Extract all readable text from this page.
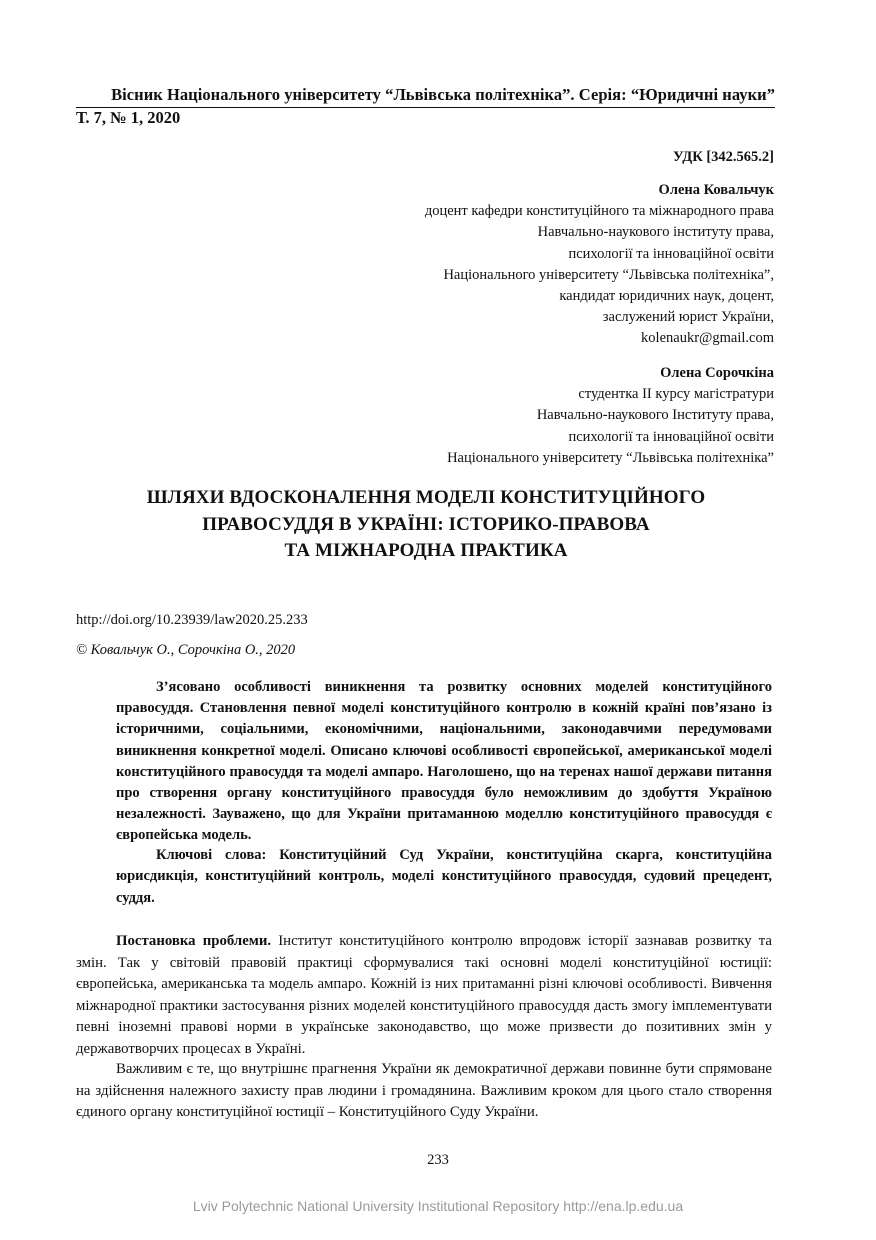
Вісник Національного університету “Львівська політехніка”. Серія: “Юридичні науки”
Т. 7, № 1, 2020
УДК [342.565.2]
Олена Ковальчук
доцент кафедри конституційного та міжнародного права
Навчально-наукового інституту права,
психології та інноваційної освіти
Національного університету “Львівська політехніка”,
кандидат юридичних наук, доцент,
заслужений юрист України,
kolenaukr@gmail.com
Олена Сорочкіна
студентка ІІ курсу магістратури
Навчально-наукового Інституту права,
психології та інноваційної освіти
Національного університету “Львівська політехніка”
ШЛЯХИ ВДОСКОНАЛЕННЯ МОДЕЛІ КОНСТИТУЦІЙНОГО
ПРАВОСУДДЯ В УКРАЇНІ: ІСТОРИКО-ПРАВОВА
ТА МІЖНАРОДНА ПРАКТИКА
http://doi.org/10.23939/law2020.25.233
© Ковальчук О., Сорочкіна О., 2020

З’ясовано особливості виникнення та розвитку основних моделей конституційного правосуддя. Становлення певної моделі конституційного контролю в кожній країні пов’язано із історичними, соціальними, економічними, національними, законодавчими передумовами виникнення конкретної моделі. Описано ключові особливості європейської, американської моделі конституційного правосуддя та моделі ампаро. Наголошено, що на теренах нашої держави питання про створення органу конституційного правосуддя було неможливим до здобуття Україною незалежності. Зауважено, що для України притаманною моделлю конституційного правосуддя є європейська модель.

Ключові слова: Конституційний Суд України, конституційна скарга, конституційна юрисдикція, конституційний контроль, моделі конституційного правосуддя, судовий прецедент, суддя.

Постановка проблеми. Інститут конституційного контролю впродовж історії зазнавав розвитку та змін. Так у світовій правовій практиці сформувалися такі основні моделі конституційної юстиції: європейська, американська та модель ампаро. Кожній із них притаманні різні ключові особливості. Вивчення міжнародної практики застосування різних моделей конституційного правосуддя дасть змогу імплементувати певні іноземні правові норми в українське законодавство, що може призвести до позитивних змін у державотворчих процесах в Україні.

Важливим є те, що внутрішнє прагнення України як демократичної держави повинне бути спрямоване на здійснення належного захисту прав людини і громадянина. Важливим кроком для цього стало створення єдиного органу конституційної юстиції – Конституційного Суду України.

233
Lviv Polytechnic National University Institutional Repository http://ena.lp.edu.ua
